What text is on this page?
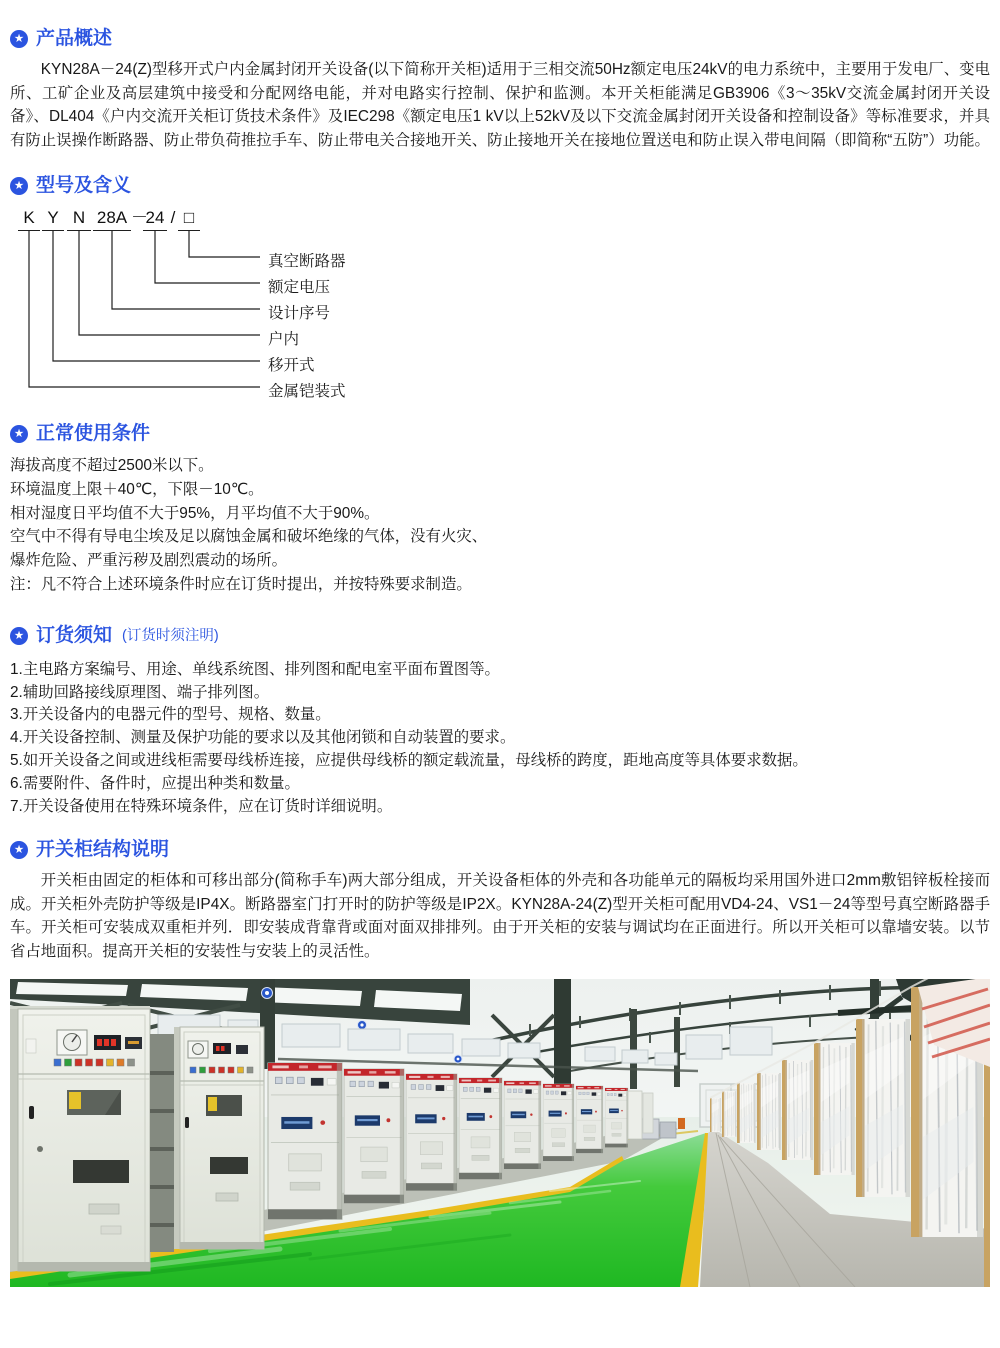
★ 产品概述

KYN28A－24(Z)型移开式户内金属封闭开关设备(以下简称开关柜)适用于三相交流50Hz额定电压24kV的电力系统中，主要用于发电厂、变电所、工矿企业及高层建筑中接受和分配网络电能，并对电路实行控制、保护和监测。本开关柜能满足GB3906《3～35kV交流金属封闭开关设备》、DL404《户内交流开关柜订货技术条件》及IEC298《额定电压1 kV以上52kV及以下交流金属封闭开关设备和控制设备》等标准要求，并具有防止误操作断路器、防止带负荷推拉手车、防止带电关合接地开关、防止接地开关在接地位置送电和防止误入带电间隔（即简称“五防”）功能。

★ 型号及含义
K Y N 28A －
24 / □
真空断路器
额定电压
设计序号
户内
移开式
金属铠装式
★ 正常使用条件

海拔高度不超过2500米以下。

环境温度上限＋40℃，下限－10℃。

相对湿度日平均值不大于95%，月平均值不大于90%。

空气中不得有导电尘埃及足以腐蚀金属和破坏绝缘的气体，没有火灾、

爆炸危险、严重污秽及剧烈震动的场所。

注：凡不符合上述环境条件时应在订货时提出，并按特殊要求制造。

★ 订货须知 (订货时须注明)

1.主电路方案编号、用途、单线系统图、排列图和配电室平面布置图等。

2.辅助回路接线原理图、端子排列图。

3.开关设备内的电器元件的型号、规格、数量。

4.开关设备控制、测量及保护功能的要求以及其他闭锁和自动装置的要求。

5.如开关设备之间或进线柜需要母线桥连接，应提供母线桥的额定载流量，母线桥的跨度，距地高度等具体要求数据。

6.需要附件、备件时，应提出种类和数量。

7.开关设备使用在特殊环境条件，应在订货时详细说明。

★ 开关柜结构说明

开关柜由固定的柜体和可移出部分(简称手车)两大部分组成，开关设备柜体的外壳和各功能单元的隔板均采用国外进口2mm敷铝锌板栓接而成。开关柜外壳防护等级是IP4X。断路器室门打开时的防护等级是IP2X。KYN28A-24(Z)型开关柜可配用VD4-24、VS1－24等型号真空断路器手车。开关柜可安装成双重柜并列．即安装成背靠背或面对面双排排列。由于开关柜的安装与调试均在正面进行。所以开关柜可以靠墙安装。以节省占地面积。提高开关柜的安装性与安装上的灵活性。
